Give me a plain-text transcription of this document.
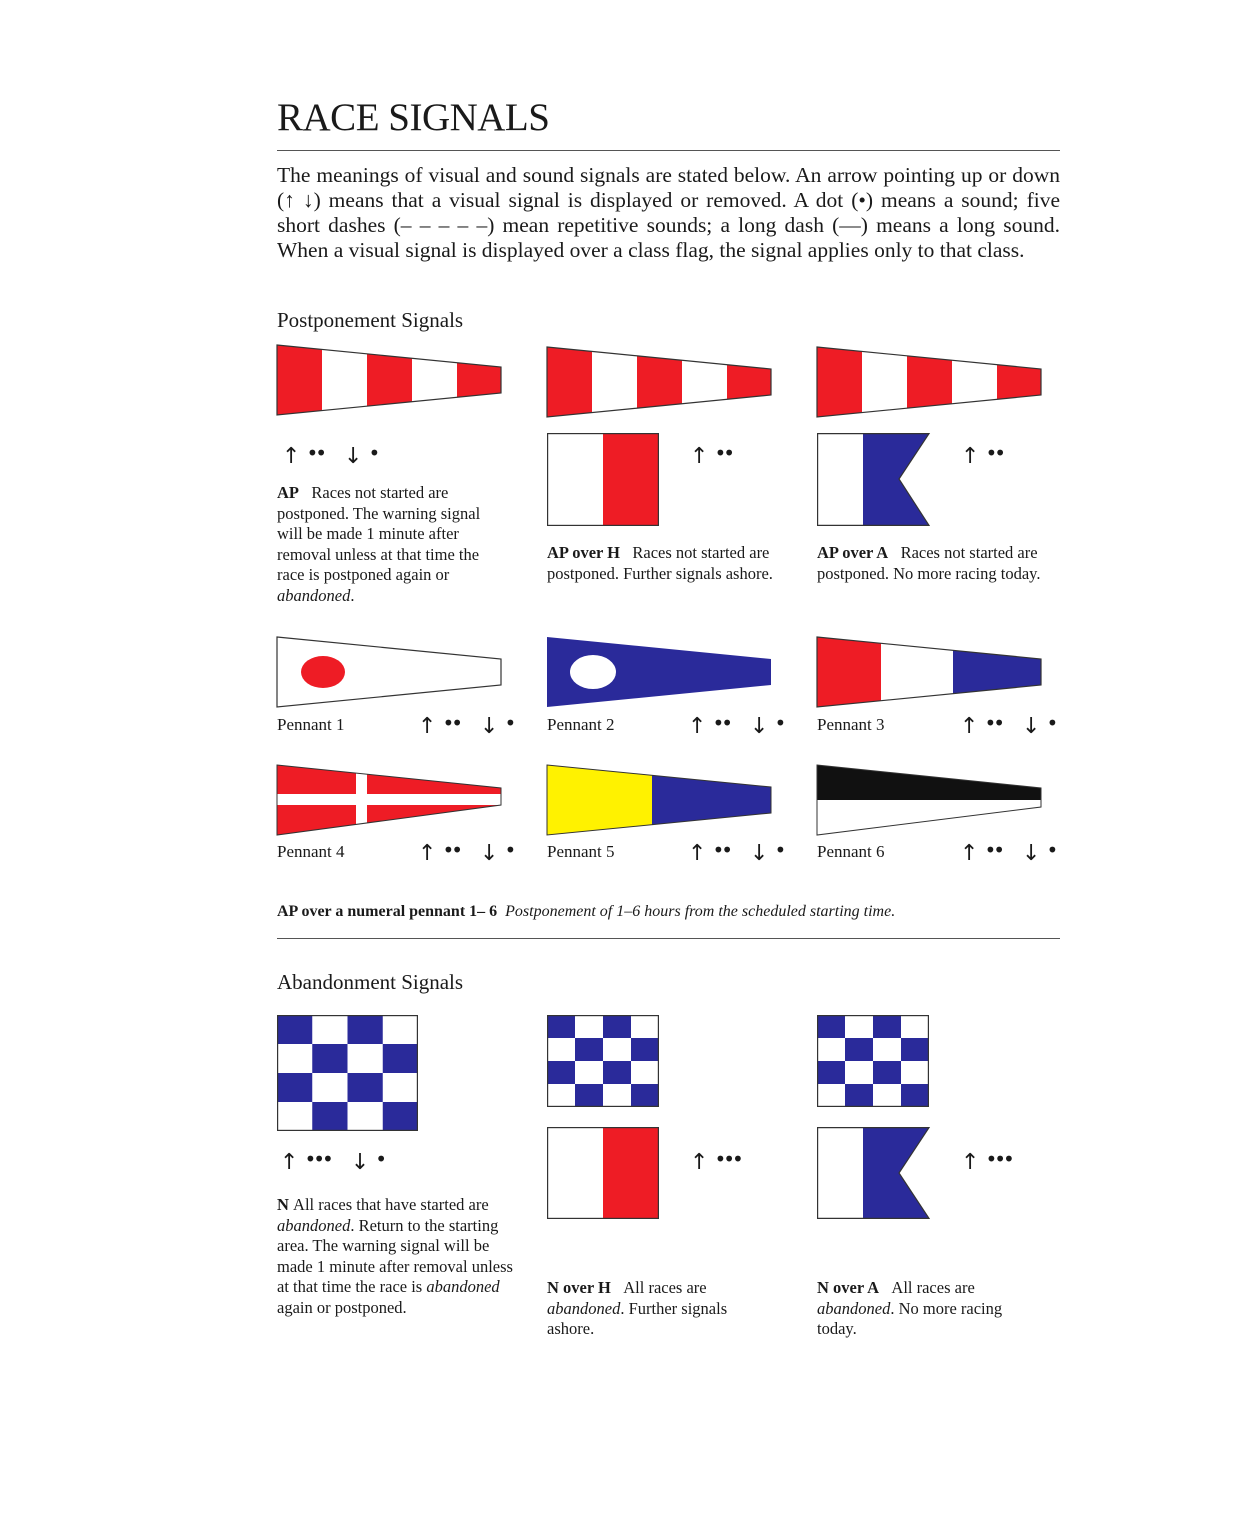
RACE SIGNALS

The meanings of visual and sound signals are stated below. An arrow pointing up or down (↑ ↓) means that a visual signal is displayed or removed. A dot (•) means a sound; five short dashes (– – – – –) mean repetitive sounds; a long dash (—) means a long sound. When a visual signal is displayed over a class flag, the signal applies only to that class.

Postponement Signals
↑ •• ↓ •

AP Races not started are postponed. The warning signal will be made 1 minute after removal unless at that time the race is postponed again or abandoned.

↑ ••

AP over H Races not started are postponed. Further signals ashore.

↑ ••

AP over A Races not started are postponed. No more racing today.

Pennant 1	↑ •• ↓ • Pennant 2	↑ •• ↓ • Pennant 3	↑ •• ↓ •
Pennant 4	↑ •• ↓ • Pennant 5	↑ •• ↓ • Pennant 6	↑ •• ↓ •
AP over a numeral pennant 1– 6 Postponement of 1–6 hours from the scheduled starting time.
Abandonment Signals
↑ ••• ↓ •

N All races that have started are abandoned. Return to the starting area. The warning signal will be made 1 minute after removal unless at that time the race is abandoned again or postponed.

↑ •••

N over H All races are abandoned. Further signals ashore.

↑ •••

N over A All races are abandoned. No more racing today.
